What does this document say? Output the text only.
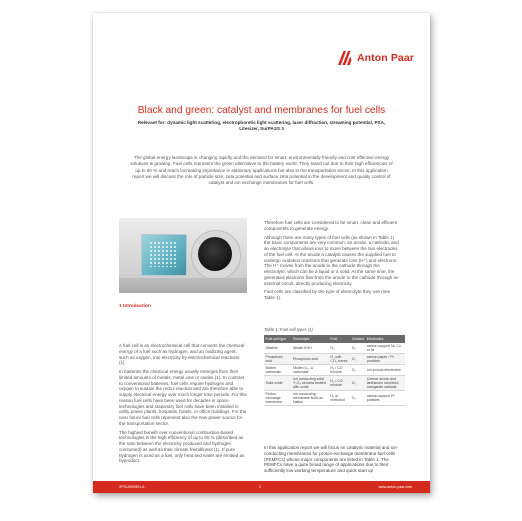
Anton Paar
Black and green: catalyst and membranes for fuel cells

Relevant for: dynamic light scattering, electrophoretic light scattering, laser diffraction, streaming potential, PSA, Litesizer, SurPASS 3

The global energy landscape is changing rapidly and the demand for smart, environmentally friendly and cost effective energy solutions is growing. Fuel cells represent the green alternative to the battery world. They stand out due to their high efficiencies of up to 60 % and reach increasing importance in stationary applications but also in the transportation sector. In this application report we will discuss the role of particle size, zeta potential and surface zeta potential in the development and quality control of catalyst and ion exchange membranes for fuel cells.

1 Introduction

A fuel cell is an electrochemical cell that converts the chemical energy of a fuel such as hydrogen, and an oxidizing agent, such as oxygen, into electricity by electrochemical reactions (1).

In batteries the chemical energy usually emerges from their limited amounts of metals, metal ions or oxides (1). In contrast to conventional batteries, fuel cells require hydrogen and oxygen to sustain the redox reaction and are therefore able to supply electrical energy over much longer time periods. For this reason fuel cells have been used for decades in space technologies and stationary fuel cells have been installed in utility power plants, hospitals, hotels, or office buildings. For the near future fuel cells represent also the new power source for the transportation sector.

The highest benefit over conventional combustion-based technologies is the high efficiency of up to 60 % (described as the ratio between the electricity produced and hydrogen consumed) as well as their climate friendliness (1). If pure hydrogen is used as a fuel, only heat and water are emitted as byproduct.

Therefore fuel cells are considered to be smart, clean and efficient components to generate energy.

Although there are many types of fuel cells (as shown in Table 1) the basic components are very common: an anode, a cathode, and an electrolyte that allows ions to move between the two electrodes of the fuel cell. At the anode a catalyst causes the supplied fuel to undergo oxidation reactions that generate ions (H⁺) and electrons. The H⁺ moves from the anode to the cathode through the electrolyte, which can be a liquid or a solid. At the same time, the generated electrons flow from the anode to the cathode through an external circuit, directly producing electricity.

Fuel cells are classified by the type of electrolyte they use (see Table 1).

Table 1: Fuel cell types (1)

Fuel cell type	Electrolyte	Fuel	Oxidant	Electrodes
Alkaline	Alkalic KOH	H₂	O₂	carbon support Ni, Co or Ni
Phosphoric acid	Phosphoric acid	H₂ with CO₂ traces	O₂	carbon paper / Pt particles
Molten carbonate	Molten Li₂, Li carbonate	H₂ / CO mixture	O₂	Ion-porous electrodes
Solid oxide	ion conducting solid Y₂O₃ zirconia treated with oxide	H₂ / CO mixture	O₂	Cermet anode and lanthanum strontium manganite cathode
Proton exchange membrane	ion conducting membrane such as Nafion	H₂ or methanol	O₂	carbon support Pt particles

In this application report we will focus on catalytic material and ion-conducting membranes for proton-exchange membrane fuel cells (PEMFCs) whose major components are listed in Table 1. The PEMFCs have a quite broad range of applications due to their sufficiently low working temperature and quick start up

XPCIA009EN-A	1	www.anton-paar.com
